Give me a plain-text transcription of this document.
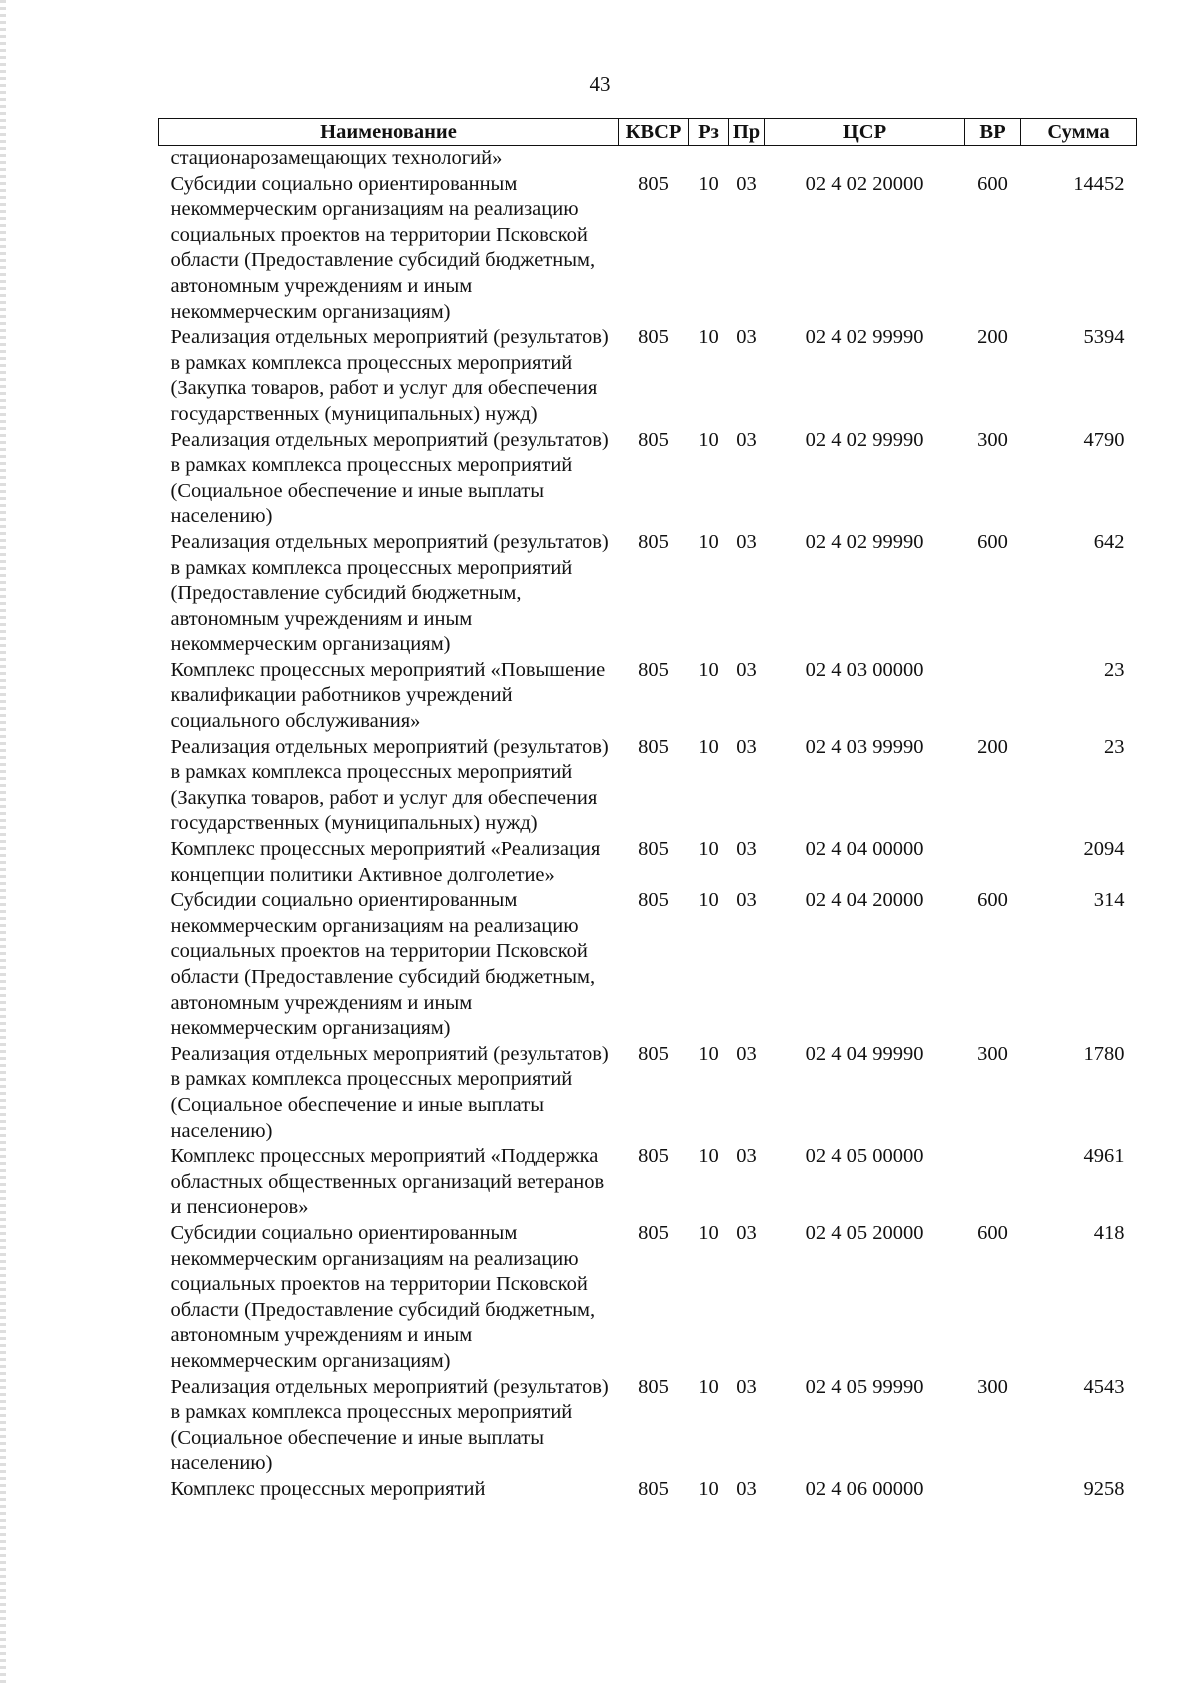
43
Наименование	КВСР	Рз	Пр	ЦСР	ВР	Сумма
стационарозамещающих технологий»						
Субсидии социально ориентированным некоммерческим организациям на реализацию социальных проектов на территории Псковской области (Предоставление субсидий бюджетным, автономным учреждениям и иным некоммерческим организациям)	805	10	03	02 4 02 20000	600	14452
Реализация отдельных мероприятий (результатов) в рамках комплекса процессных мероприятий (Закупка товаров, работ и услуг для обеспечения государственных (муниципальных) нужд)	805	10	03	02 4 02 99990	200	5394
Реализация отдельных мероприятий (результатов) в рамках комплекса процессных мероприятий (Социальное обеспечение и иные выплаты населению)	805	10	03	02 4 02 99990	300	4790
Реализация отдельных мероприятий (результатов) в рамках комплекса процессных мероприятий (Предоставление субсидий бюджетным, автономным учреждениям и иным некоммерческим организациям)	805	10	03	02 4 02 99990	600	642
Комплекс процессных мероприятий «Повышение квалификации работников учреждений социального обслуживания»	805	10	03	02 4 03 00000		23
Реализация отдельных мероприятий (результатов) в рамках комплекса процессных мероприятий (Закупка товаров, работ и услуг для обеспечения государственных (муниципальных) нужд)	805	10	03	02 4 03 99990	200	23
Комплекс процессных мероприятий «Реализация концепции политики Активное долголетие»	805	10	03	02 4 04 00000		2094
Субсидии социально ориентированным некоммерческим организациям на реализацию социальных проектов на территории Псковской области (Предоставление субсидий бюджетным, автономным учреждениям и иным некоммерческим организациям)	805	10	03	02 4 04 20000	600	314
Реализация отдельных мероприятий (результатов) в рамках комплекса процессных мероприятий (Социальное обеспечение и иные выплаты населению)	805	10	03	02 4 04 99990	300	1780
Комплекс процессных мероприятий «Поддержка областных общественных организаций ветеранов и пенсионеров»	805	10	03	02 4 05 00000		4961
Субсидии социально ориентированным некоммерческим организациям на реализацию социальных проектов на территории Псковской области (Предоставление субсидий бюджетным, автономным учреждениям и иным некоммерческим организациям)	805	10	03	02 4 05 20000	600	418
Реализация отдельных мероприятий (результатов) в рамках комплекса процессных мероприятий (Социальное обеспечение и иные выплаты населению)	805	10	03	02 4 05 99990	300	4543
Комплекс процессных мероприятий	805	10	03	02 4 06 00000		9258
